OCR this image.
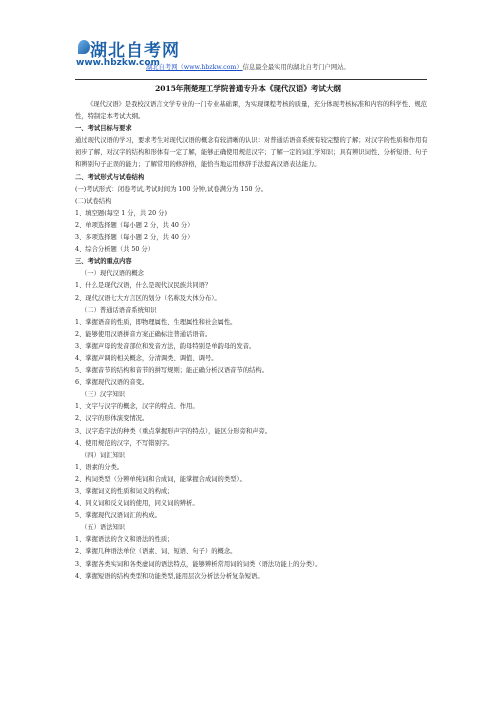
湖北自考网
www.hbzkw.com
湖北自考网（www.hbzkw.com）信息最全最实用的湖北自考门户网站。
2015年荆楚理工学院普通专升本《现代汉语》考试大纲

《现代汉语》是我校汉语言文学专业的一门专业基础课，为实现课程考核的质量，充分体现考核标准和内容的科学性、规范性，特制定本考试大纲。

一、考试目标与要求

通过现代汉语的学习，要求考生对现代汉语的概念有较清晰的认识：对普通话语音系统有较完整的了解；对汉字的性质和作用有初步了解，对汉字的结构和形体有一定了解，能够正确使用规范汉字；了解一定的词汇学知识；具有辨识词性、分析短语、句子和辨别句子正误的能力；了解常用的修辞格，能恰当地运用修辞手法提高汉语表达能力。

二、考试形式与试卷结构

(一)考试形式：闭卷考试,考试时间为 100 分钟,试卷满分为 150 分。

(二)试卷结构

1、填空题(每空 1 分，共 20 分)

2、单项选择题（每小题 2 分，共 40 分）

3、多项选择题（每小题 2 分，共 40 分）

4、综合分析题（共 50 分）

三、考试的重点内容

（一）现代汉语的概念

1、什么是现代汉语，什么是现代汉民族共同语？

2、现代汉语七大方言区的划分（名称及大体分布）。

（二）普通话语音系统知识

1、掌握语音的性质，即物理属性、生理属性和社会属性。

2、能够使用汉语拼音方案正确标注普通话语音。

3、掌握声母的发音部位和发音方法，韵母特别是单韵母的发音。

4、掌握声调的相关概念，分清调类、调值、调号。

5、掌握音节的结构和音节的拼写规则；能正确分析汉语音节的结构。

6、掌握现代汉语的音变。

（三）汉字知识

1、文字与汉字的概念，汉字的特点、作用。

2、汉字的形体演变情况。

3、汉字造字法的种类（重点掌握形声字的特点），能区分形旁和声旁。

4、使用规范的汉字，不写错别字。

（四）词汇知识

1、语素的分类。

2、构词类型（分辨单纯词和合成词，能掌握合成词的类型）。

3、掌握词义的性质和词义的构成；

4、同义词和反义词的使用，同义词的辨析。

5、掌握现代汉语词汇的构成。

（五）语法知识

1、掌握语法的含义和语法的性质；

2、掌握几种语法单位（语素、词、短语、句子）的概念。

3、掌握各类实词和各类虚词的语法特点，能够辨析常用词的词类（语法功能上的分类）。

4、掌握短语的结构类型和功能类型,能用层次分析法分析复杂短语。
